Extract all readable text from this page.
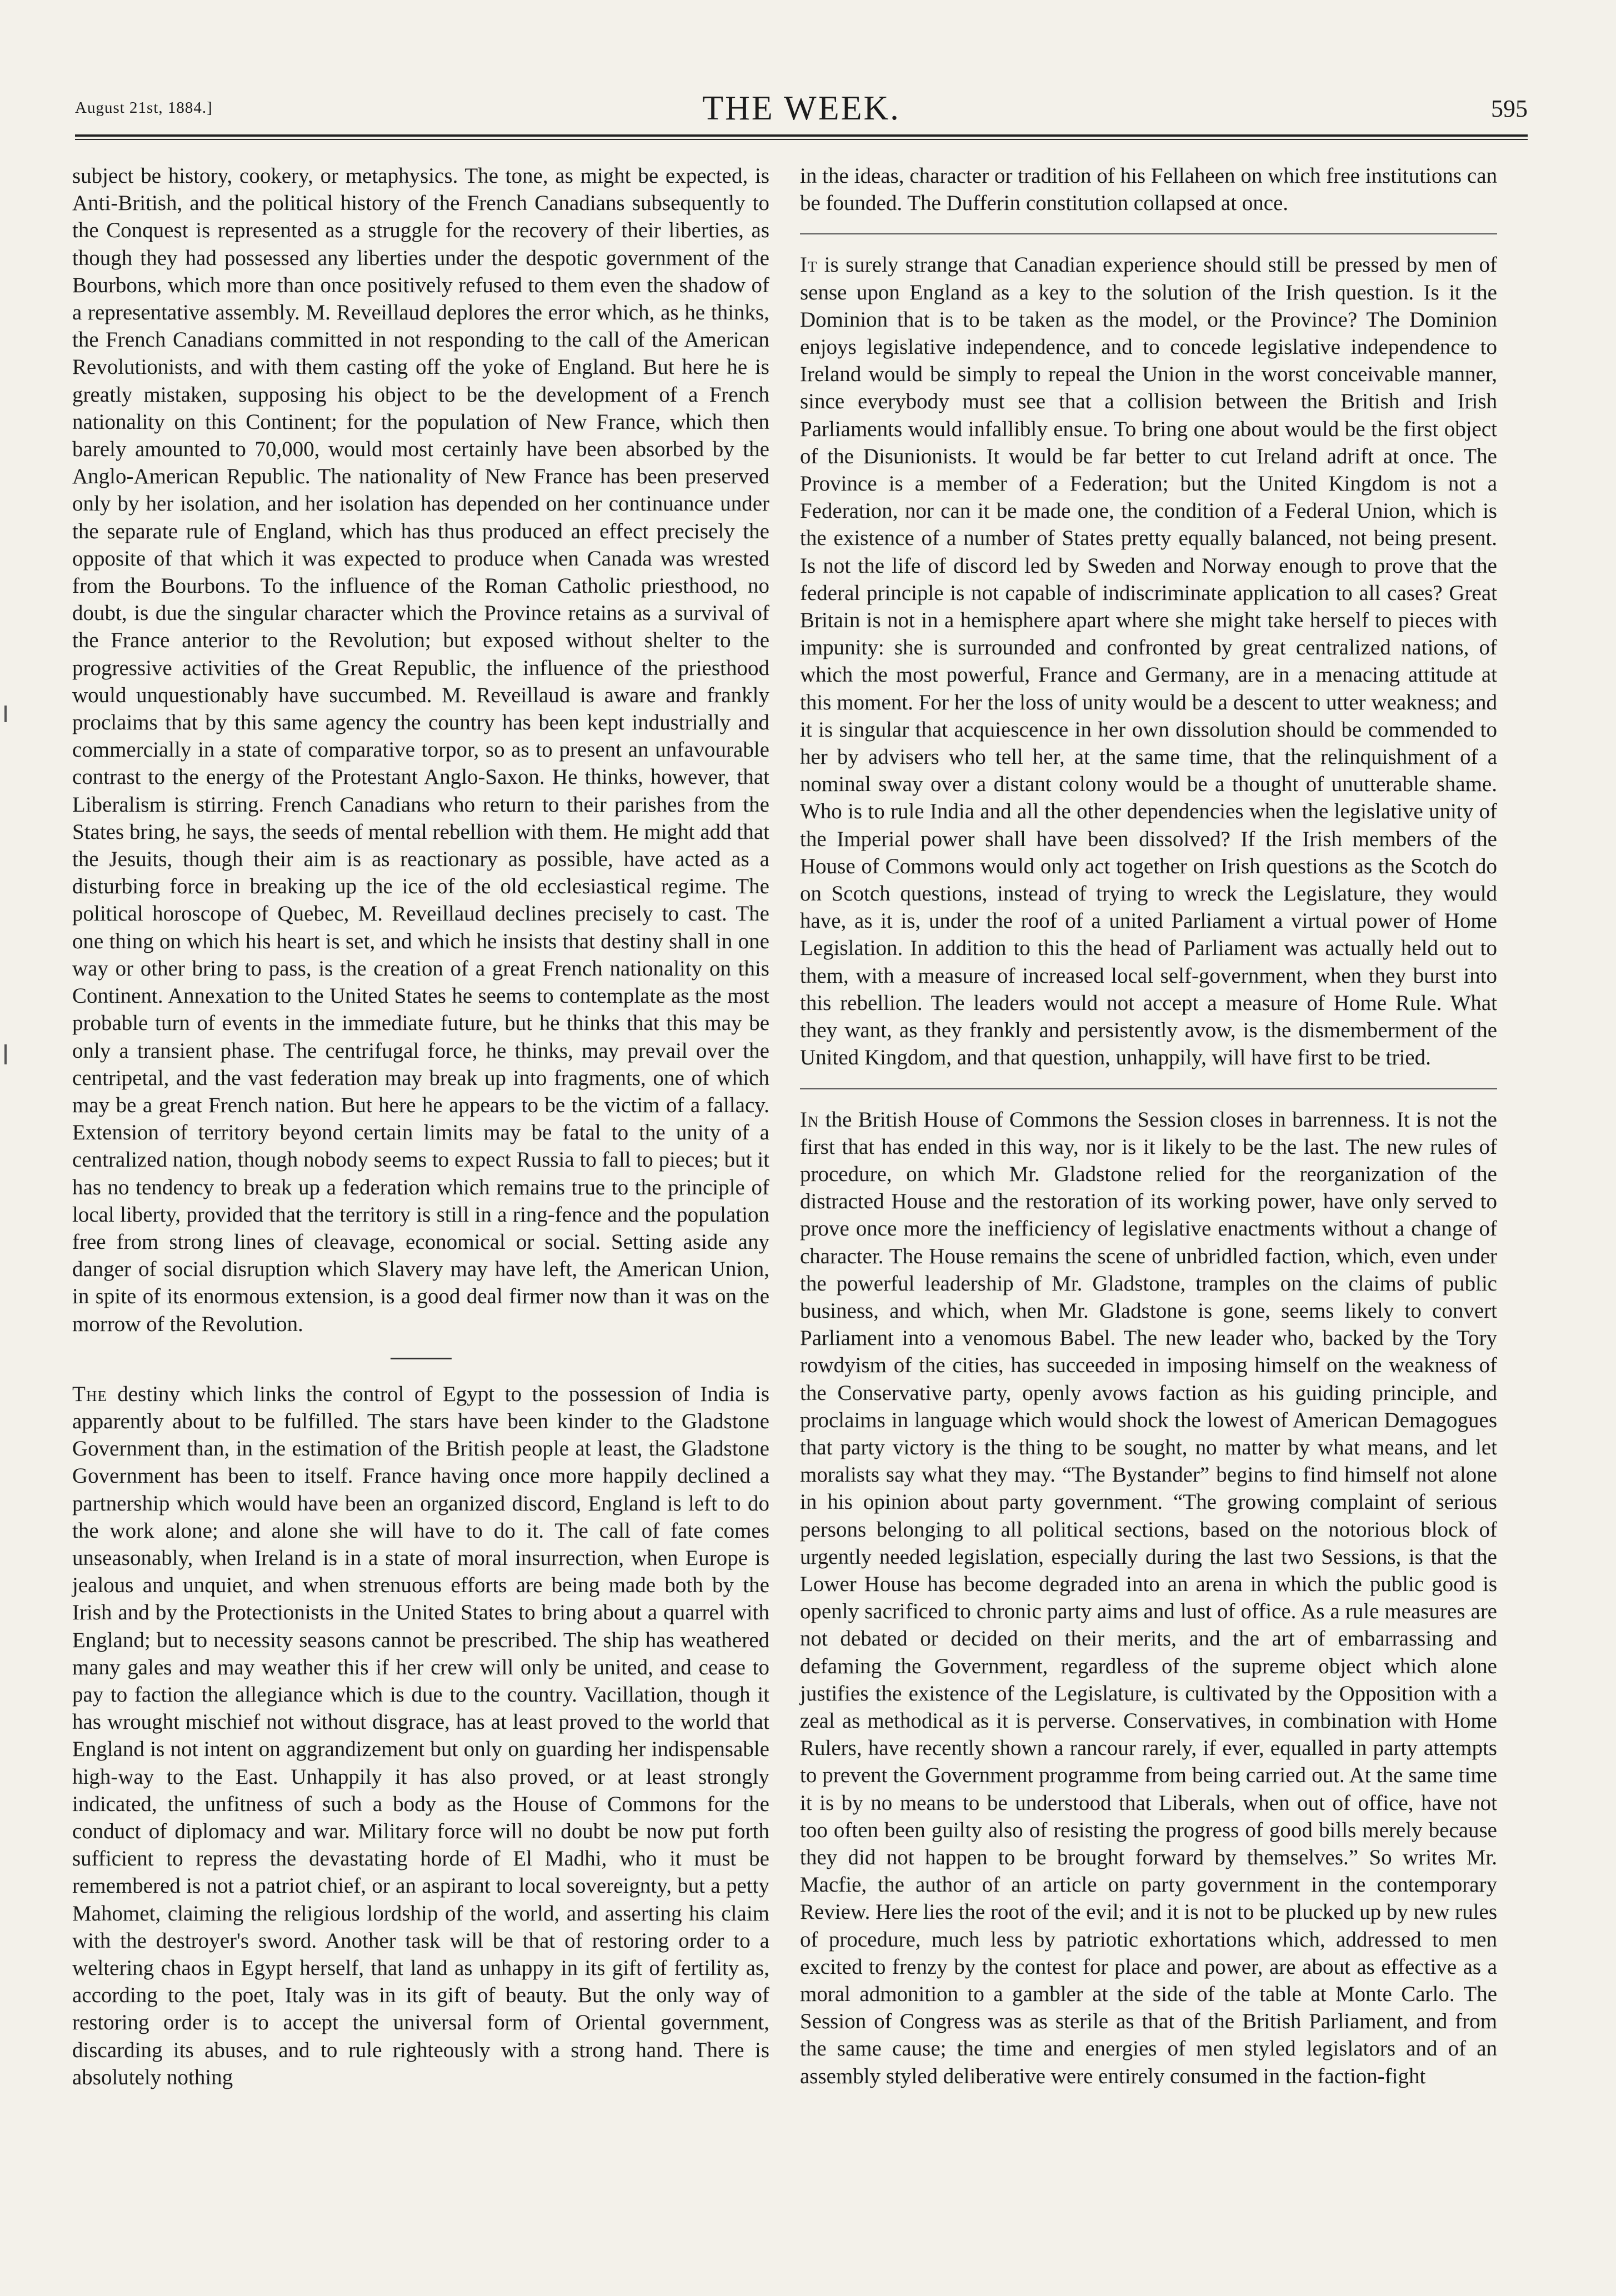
August 21st, 1884.]	THE WEEK.	595

subject be history, cookery, or metaphysics. The tone, as might be expected, is Anti-British, and the political history of the French Canadians subsequently to the Conquest is represented as a struggle for the recovery of their liberties, as though they had possessed any liberties under the despotic government of the Bourbons, which more than once positively refused to them even the shadow of a representative assembly. M. Reveillaud deplores the error which, as he thinks, the French Canadians committed in not responding to the call of the American Revolutionists, and with them casting off the yoke of England. But here he is greatly mistaken, supposing his object to be the development of a French nationality on this Continent; for the population of New France, which then barely amounted to 70,000, would most certainly have been absorbed by the Anglo-American Republic. The nationality of New France has been preserved only by her isolation, and her isolation has depended on her continuance under the separate rule of England, which has thus produced an effect precisely the opposite of that which it was expected to produce when Canada was wrested from the Bourbons. To the influence of the Roman Catholic priesthood, no doubt, is due the singular character which the Province retains as a survival of the France anterior to the Revolution; but exposed without shelter to the progressive activities of the Great Republic, the influence of the priesthood would unquestionably have succumbed. M. Reveillaud is aware and frankly proclaims that by this same agency the country has been kept industrially and commercially in a state of comparative torpor, so as to present an unfavourable contrast to the energy of the Protestant Anglo-Saxon. He thinks, however, that Liberalism is stirring. French Canadians who return to their parishes from the States bring, he says, the seeds of mental rebellion with them. He might add that the Jesuits, though their aim is as reactionary as possible, have acted as a disturbing force in breaking up the ice of the old ecclesiastical regime. The political horoscope of Quebec, M. Reveillaud declines precisely to cast. The one thing on which his heart is set, and which he insists that destiny shall in one way or other bring to pass, is the creation of a great French nationality on this Continent. Annexation to the United States he seems to contemplate as the most probable turn of events in the immediate future, but he thinks that this may be only a transient phase. The centrifugal force, he thinks, may prevail over the centripetal, and the vast federation may break up into fragments, one of which may be a great French nation. But here he appears to be the victim of a fallacy. Extension of territory beyond certain limits may be fatal to the unity of a centralized nation, though nobody seems to expect Russia to fall to pieces; but it has no tendency to break up a federation which remains true to the principle of local liberty, provided that the territory is still in a ring-fence and the population free from strong lines of cleavage, economical or social. Setting aside any danger of social disruption which Slavery may have left, the American Union, in spite of its enormous extension, is a good deal firmer now than it was on the morrow of the Revolution.

The destiny which links the control of Egypt to the possession of India is apparently about to be fulfilled. The stars have been kinder to the Gladstone Government than, in the estimation of the British people at least, the Gladstone Government has been to itself. France having once more happily declined a partnership which would have been an organized discord, England is left to do the work alone; and alone she will have to do it. The call of fate comes unseasonably, when Ireland is in a state of moral insurrection, when Europe is jealous and unquiet, and when strenuous efforts are being made both by the Irish and by the Protectionists in the United States to bring about a quarrel with England; but to necessity seasons cannot be prescribed. The ship has weathered many gales and may weather this if her crew will only be united, and cease to pay to faction the allegiance which is due to the country. Vacillation, though it has wrought mischief not without disgrace, has at least proved to the world that England is not intent on aggrandizement but only on guarding her indispensable high-way to the East. Unhappily it has also proved, or at least strongly indicated, the unfitness of such a body as the House of Commons for the conduct of diplomacy and war. Military force will no doubt be now put forth sufficient to repress the devastating horde of El Madhi, who it must be remembered is not a patriot chief, or an aspirant to local sovereignty, but a petty Mahomet, claiming the religious lordship of the world, and asserting his claim with the destroyer's sword. Another task will be that of restoring order to a weltering chaos in Egypt herself, that land as unhappy in its gift of fertility as, according to the poet, Italy was in its gift of beauty. But the only way of restoring order is to accept the universal form of Oriental government, discarding its abuses, and to rule righteously with a strong hand. There is absolutely nothing

in the ideas, character or tradition of his Fellaheen on which free institutions can be founded. The Dufferin constitution collapsed at once.

It is surely strange that Canadian experience should still be pressed by men of sense upon England as a key to the solution of the Irish question. Is it the Dominion that is to be taken as the model, or the Province? The Dominion enjoys legislative independence, and to concede legislative independence to Ireland would be simply to repeal the Union in the worst conceivable manner, since everybody must see that a collision between the British and Irish Parliaments would infallibly ensue. To bring one about would be the first object of the Disunionists. It would be far better to cut Ireland adrift at once. The Province is a member of a Federation; but the United Kingdom is not a Federation, nor can it be made one, the condition of a Federal Union, which is the existence of a number of States pretty equally balanced, not being present. Is not the life of discord led by Sweden and Norway enough to prove that the federal principle is not capable of indiscriminate application to all cases? Great Britain is not in a hemisphere apart where she might take herself to pieces with impunity: she is surrounded and confronted by great centralized nations, of which the most powerful, France and Germany, are in a menacing attitude at this moment. For her the loss of unity would be a descent to utter weakness; and it is singular that acquiescence in her own dissolution should be commended to her by advisers who tell her, at the same time, that the relinquishment of a nominal sway over a distant colony would be a thought of unutterable shame. Who is to rule India and all the other dependencies when the legislative unity of the Imperial power shall have been dissolved? If the Irish members of the House of Commons would only act together on Irish questions as the Scotch do on Scotch questions, instead of trying to wreck the Legislature, they would have, as it is, under the roof of a united Parliament a virtual power of Home Legislation. In addition to this the head of Parliament was actually held out to them, with a measure of increased local self-government, when they burst into this rebellion. The leaders would not accept a measure of Home Rule. What they want, as they frankly and persistently avow, is the dismemberment of the United Kingdom, and that question, unhappily, will have first to be tried.

In the British House of Commons the Session closes in barrenness. It is not the first that has ended in this way, nor is it likely to be the last. The new rules of procedure, on which Mr. Gladstone relied for the reorganization of the distracted House and the restoration of its working power, have only served to prove once more the inefficiency of legislative enactments without a change of character. The House remains the scene of unbridled faction, which, even under the powerful leadership of Mr. Gladstone, tramples on the claims of public business, and which, when Mr. Gladstone is gone, seems likely to convert Parliament into a venomous Babel. The new leader who, backed by the Tory rowdyism of the cities, has succeeded in imposing himself on the weakness of the Conservative party, openly avows faction as his guiding principle, and proclaims in language which would shock the lowest of American Demagogues that party victory is the thing to be sought, no matter by what means, and let moralists say what they may. “The Bystander” begins to find himself not alone in his opinion about party government. “The growing complaint of serious persons belonging to all political sections, based on the notorious block of urgently needed legislation, especially during the last two Sessions, is that the Lower House has become degraded into an arena in which the public good is openly sacrificed to chronic party aims and lust of office. As a rule measures are not debated or decided on their merits, and the art of embarrassing and defaming the Government, regardless of the supreme object which alone justifies the existence of the Legislature, is cultivated by the Opposition with a zeal as methodical as it is perverse. Conservatives, in combination with Home Rulers, have recently shown a rancour rarely, if ever, equalled in party attempts to prevent the Government programme from being carried out. At the same time it is by no means to be understood that Liberals, when out of office, have not too often been guilty also of resisting the progress of good bills merely because they did not happen to be brought forward by themselves.” So writes Mr. Macfie, the author of an article on party government in the contemporary Review. Here lies the root of the evil; and it is not to be plucked up by new rules of procedure, much less by patriotic exhortations which, addressed to men excited to frenzy by the contest for place and power, are about as effective as a moral admonition to a gambler at the side of the table at Monte Carlo. The Session of Congress was as sterile as that of the British Parliament, and from the same cause; the time and energies of men styled legislators and of an assembly styled deliberative were entirely consumed in the faction-fight
